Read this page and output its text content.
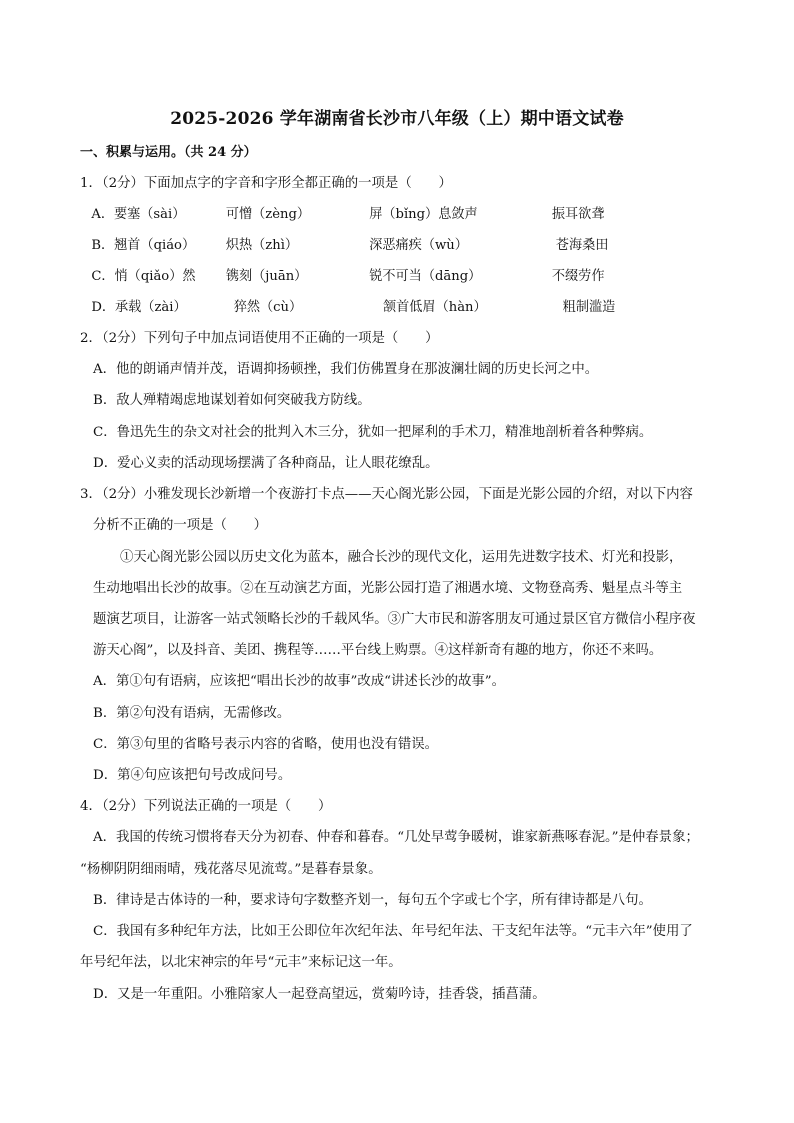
2025-2026 学年湖南省长沙市八年级（上）期中语文试卷
一、积累与运用。（共 24 分）
1．（2分）下面加点字的字音和字形全都正确的一项是（　　）
A．要塞（sài）	可憎（zèng）	屏（bǐng）息敛声	振耳欲聋
B．翘首（qiáo） 炽热（zhì）	深恶痛疾（wù）	苍海桑田
C．悄（qiǎo）然 镌刻（juān）	锐不可当（dāng）	不缀劳作
D．承载（zài）	猝然（cù）	颔首低眉（hàn）	粗制滥造
2．（2分）下列句子中加点词语使用不正确的一项是（　　）
A．他的朗诵声情并茂，语调抑扬顿挫，我们仿佛置身在那波澜壮阔的历史长河之中。
B．敌人殚精竭虑地谋划着如何突破我方防线。
C．鲁迅先生的杂文对社会的批判入木三分，犹如一把犀利的手术刀，精准地剖析着各种弊病。
D．爱心义卖的活动现场摆满了各种商品，让人眼花缭乱。
3．（2分）小雅发现长沙新增一个夜游打卡点——天心阁光影公园，下面是光影公园的介绍，对以下内容
分析不正确的一项是（　　）
①天心阁光影公园以历史文化为蓝本，融合长沙的现代文化，运用先进数字技术、灯光和投影，
生动地唱出长沙的故事。②在互动演艺方面，光影公园打造了湘遇水境、文物登高秀、魁星点斗等主
题演艺项目，让游客一站式领略长沙的千载风华。③广大市民和游客朋友可通过景区官方微信小程序夜
游天心阁”，以及抖音、美团、携程等……平台线上购票。④这样新奇有趣的地方，你还不来吗。
A．第①句有语病，应该把“唱出长沙的故事”改成“讲述长沙的故事”。
B．第②句没有语病，无需修改。
C．第③句里的省略号表示内容的省略，使用也没有错误。
D．第④句应该把句号改成问号。
4．（2分）下列说法正确的一项是（　　）
A．我国的传统习惯将春天分为初春、仲春和暮春。“几处早莺争暖树，谁家新燕啄春泥。”是仲春景象；
“杨柳阴阴细雨晴，残花落尽见流莺。”是暮春景象。
B．律诗是古体诗的一种，要求诗句字数整齐划一，每句五个字或七个字，所有律诗都是八句。
C．我国有多种纪年方法，比如王公即位年次纪年法、年号纪年法、干支纪年法等。“元丰六年”使用了
年号纪年法，以北宋神宗的年号“元丰”来标记这一年。
D．又是一年重阳。小雅陪家人一起登高望远，赏菊吟诗，挂香袋，插菖蒲。
